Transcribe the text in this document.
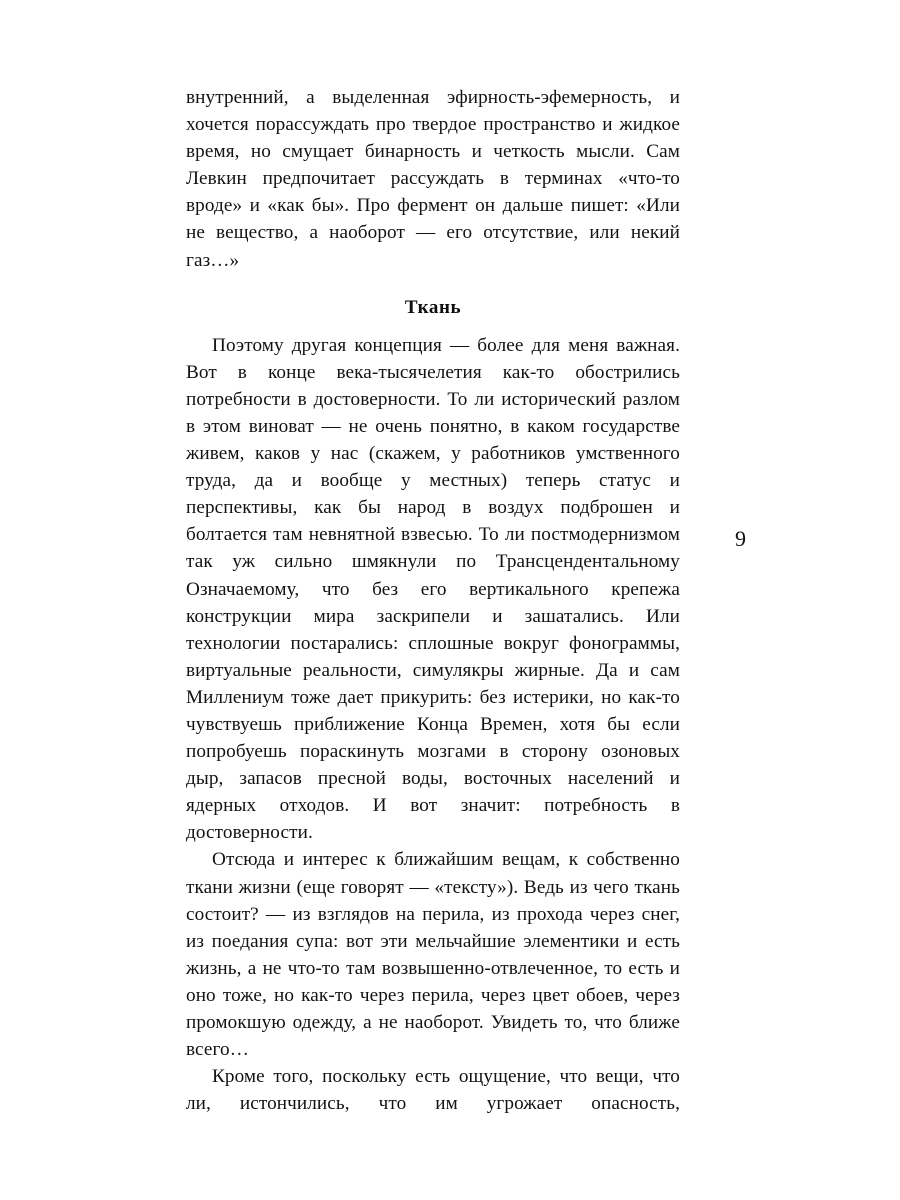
внутренний, а выделенная эфирность-эфемерность, и хочется порассуждать про твердое пространство и жидкое время, но смущает бинарность и четкость мысли. Сам Левкин предпочитает рассуждать в терминах «что-то вроде» и «как бы». Про фермент он дальше пишет: «Или не вещество, а наоборот — его отсутствие, или некий газ…»

Ткань

Поэтому другая концепция — более для меня важная. Вот в конце века-тысячелетия как-то обострились потребности в достоверности. То ли исторический разлом в этом виноват — не очень понятно, в каком государстве живем, каков у нас (скажем, у работников умственного труда, да и вообще у местных) теперь статус и перспективы, как бы народ в воздух подброшен и болтается там невнятной взвесью. То ли постмодернизмом так уж сильно шмякнули по Трансцендентальному Означаемому, что без его вертикального крепежа конструкции мира заскрипели и зашатались. Или технологии постарались: сплошные вокруг фонограммы, виртуальные реальности, симулякры жирные. Да и сам Миллениум тоже дает прикурить: без истерики, но как-то чувствуешь приближение Конца Времен, хотя бы если попробуешь пораскинуть мозгами в сторону озоновых дыр, запасов пресной воды, восточных населений и ядерных отходов. И вот значит: потребность в достоверности.

Отсюда и интерес к ближайшим вещам, к собственно ткани жизни (еще говорят — «тексту»). Ведь из чего ткань состоит? — из взглядов на перила, из прохода через снег, из поедания супа: вот эти мельчайшие элементики и есть жизнь, а не что-то там возвышенно-отвлеченное, то есть и оно тоже, но как-то через перила, через цвет обоев, через промокшую одежду, а не наоборот. Увидеть то, что ближе всего…

Кроме того, поскольку есть ощущение, что вещи, что ли, истончились, что им угрожает опасность,

9
